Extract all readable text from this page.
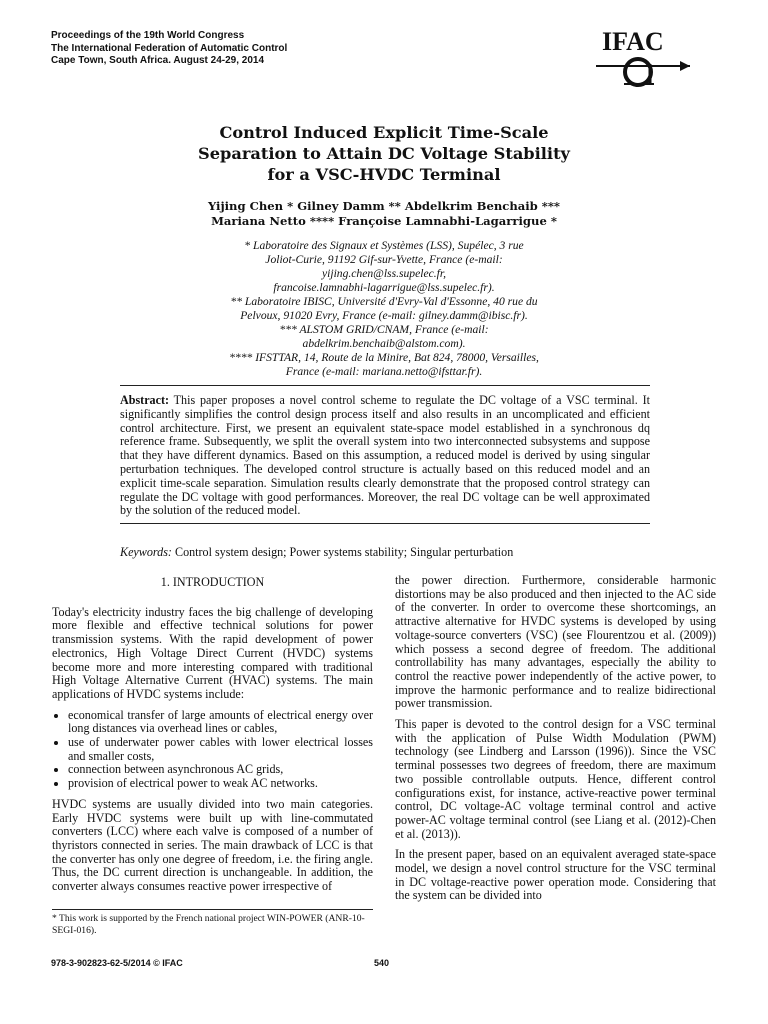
Proceedings of the 19th World Congress
The International Federation of Automatic Control
Cape Town, South Africa. August 24-29, 2014
IFAC
Control Induced Explicit Time-Scale
Separation to Attain DC Voltage Stability
for a VSC-HVDC Terminal
Yijing Chen * Gilney Damm ** Abdelkrim Benchaib ***
Mariana Netto **** Françoise Lamnabhi-Lagarrigue *
* Laboratoire des Signaux et Systèmes (LSS), Supélec, 3 rue
Joliot-Curie, 91192 Gif-sur-Yvette, France (e-mail:
yijing.chen@lss.supelec.fr,
francoise.lamnabhi-lagarrigue@lss.supelec.fr).
** Laboratoire IBISC, Université d'Evry-Val d'Essonne, 40 rue du
Pelvoux, 91020 Evry, France (e-mail: gilney.damm@ibisc.fr).
*** ALSTOM GRID/CNAM, France (e-mail:
abdelkrim.benchaib@alstom.com).
**** IFSTTAR, 14, Route de la Minire, Bat 824, 78000, Versailles,
France (e-mail: mariana.netto@ifsttar.fr).
Abstract: This paper proposes a novel control scheme to regulate the DC voltage of a VSC terminal. It significantly simplifies the control design process itself and also results in an uncomplicated and efficient control architecture. First, we present an equivalent state-space model established in a synchronous dq reference frame. Subsequently, we split the overall system into two interconnected subsystems and suppose that they have different dynamics. Based on this assumption, a reduced model is derived by using singular perturbation techniques. The developed control structure is actually based on this reduced model and an explicit time-scale separation. Simulation results clearly demonstrate that the proposed control strategy can regulate the DC voltage with good performances. Moreover, the real DC voltage can be well approximated by the solution of the reduced model.
Keywords: Control system design; Power systems stability; Singular perturbation

1. INTRODUCTION

Today's electricity industry faces the big challenge of developing more flexible and effective technical solutions for power transmission systems. With the rapid development of power electronics, High Voltage Direct Current (HVDC) systems become more and more interesting compared with traditional High Voltage Alternative Current (HVAC) systems. The main applications of HVDC systems include:

• economical transfer of large amounts of electrical energy over long distances via overhead lines or cables,
• use of underwater power cables with lower electrical losses and smaller costs,
• connection between asynchronous AC grids,
• provision of electrical power to weak AC networks.

HVDC systems are usually divided into two main categories. Early HVDC systems were built up with line-commutated converters (LCC) where each valve is composed of a number of thyristors connected in series. The main drawback of LCC is that the converter has only one degree of freedom, i.e. the firing angle. Thus, the DC current direction is unchangeable. In addition, the converter always consumes reactive power irrespective of

the power direction. Furthermore, considerable harmonic distortions may be also produced and then injected to the AC side of the converter. In order to overcome these shortcomings, an attractive alternative for HVDC systems is developed by using voltage-source converters (VSC) (see Flourentzou et al. (2009)) which possess a second degree of freedom. The additional controllability has many advantages, especially the ability to control the reactive power independently of the active power, to improve the harmonic performance and to realize bidirectional power transmission.

This paper is devoted to the control design for a VSC terminal with the application of Pulse Width Modulation (PWM) technology (see Lindberg and Larsson (1996)). Since the VSC terminal possesses two degrees of freedom, there are maximum two possible controllable outputs. Hence, different control configurations exist, for instance, active-reactive power terminal control, DC voltage-AC voltage terminal control and active power-AC voltage terminal control (see Liang et al. (2012)-Chen et al. (2013)).

In the present paper, based on an equivalent averaged state-space model, we design a novel control structure for the VSC terminal in DC voltage-reactive power operation mode. Considering that the system can be divided into

* This work is supported by the French national project WIN-POWER (ANR-10-SEGI-016).
978-3-902823-62-5/2014 © IFAC	540
